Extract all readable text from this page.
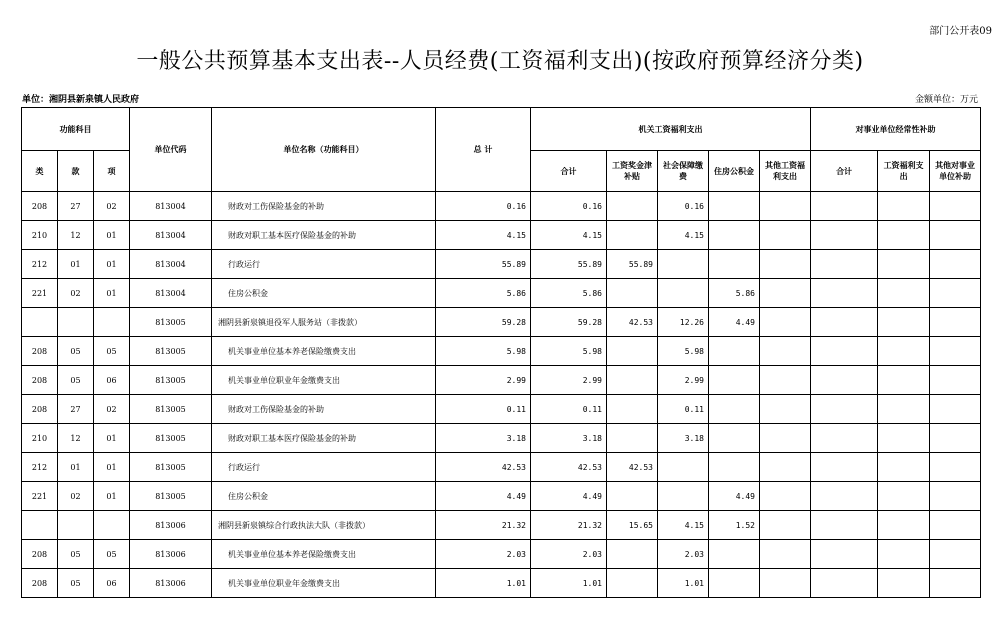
部门公开表09
一般公共预算基本支出表--人员经费(工资福利支出)(按政府预算经济分类)
单位：湘阴县新泉镇人民政府	金额单位：万元
功能科目			单位代码	单位名称（功能科目）	总 计	机关工资福利支出					对事业单位经常性补助		
类	款	项				合计	工资奖金津补贴	社会保障缴费	住房公积金	其他工资福利支出	合计	工资福利支出	其他对事业单位补助
208	27	02	813004	财政对工伤保险基金的补助	0.16	0.16		0.16					
210	12	01	813004	财政对职工基本医疗保险基金的补助	4.15	4.15		4.15					
212	01	01	813004	行政运行	55.89	55.89	55.89						
221	02	01	813004	住房公积金	5.86	5.86			5.86				
			813005	湘阴县新泉镇退役军人服务站（非拨款）	59.28	59.28	42.53	12.26	4.49				
208	05	05	813005	机关事业单位基本养老保险缴费支出	5.98	5.98		5.98					
208	05	06	813005	机关事业单位职业年金缴费支出	2.99	2.99		2.99					
208	27	02	813005	财政对工伤保险基金的补助	0.11	0.11		0.11					
210	12	01	813005	财政对职工基本医疗保险基金的补助	3.18	3.18		3.18					
212	01	01	813005	行政运行	42.53	42.53	42.53						
221	02	01	813005	住房公积金	4.49	4.49			4.49				
			813006	湘阴县新泉镇综合行政执法大队（非拨款）	21.32	21.32	15.65	4.15	1.52				
208	05	05	813006	机关事业单位基本养老保险缴费支出	2.03	2.03		2.03					
208	05	06	813006	机关事业单位职业年金缴费支出	1.01	1.01		1.01					
